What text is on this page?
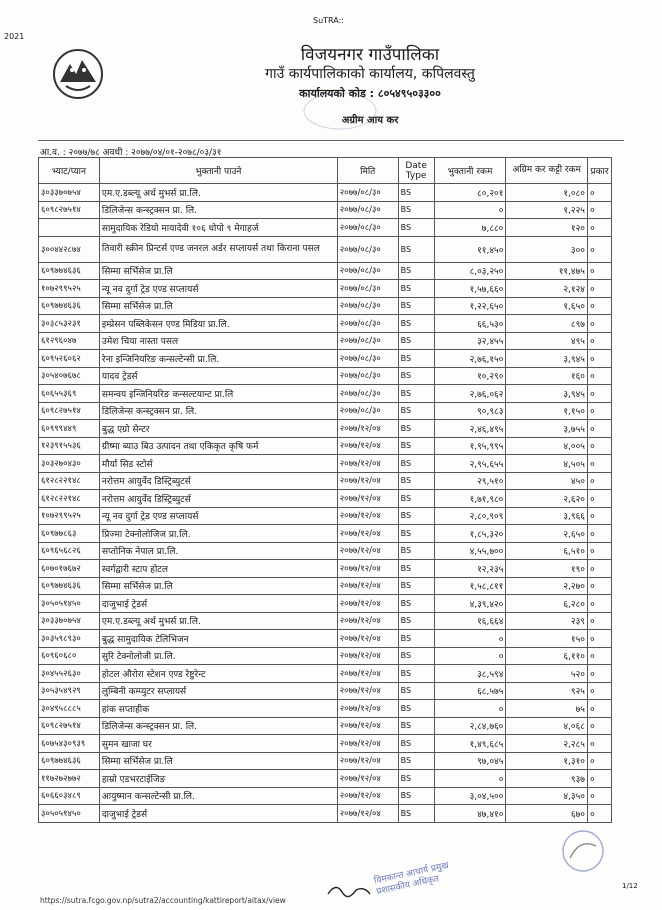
2021
SuTRA::
विजयनगर गाउँपालिका
गाउँ कार्यपालिकाको कार्यालय, कपिलवस्तु
कार्यालयको कोड : ८०५४९५०३३००
अग्रीम आय कर
आ.व. : २०७७/७८ अवधी : २०७७/०४/०१-२०७८/०३/३१
भ्याट/प्यान	भुक्तानी पाउने	मिति	Date Type	भुक्तानी रकम	अग्रिम कर कट्टी रकम	प्रकार
३०३३७०७५४	एम.ए.डब्ल्यू अर्थ मुभर्स प्रा.लि.	२०७७/०८/३०	BS	८०,२०१	१,०८०	०
६०९८२७५१४	डिलिजेन्स कन्स्ट्रक्सन प्रा. लि.	२०७७/०८/३०	BS	०	१,२२५	०
	सामुदायिक रेडियो मायादेवी १०६ धोपो ९ मेगाहर्ज	२०७७/०८/३०	BS	७,८८०	१२०	०
३००४४२८७४	तिवारी स्क्रीन प्रिन्टर्स एण्ड जनरल अर्डर सप्लायर्स तथा किराना पसल	२०७७/०८/३०	BS	११,४५०	३००	०
६०९७७४६३६	सिम्मा सर्भिसेज प्रा.लि	२०७७/०८/३०	BS	८,०३,२५०	११,४७५	०
१०७२९९५२५	न्यू नव दुर्गा ट्रेड एण्ड सप्लायर्स	२०७७/०८/३०	BS	१,५७,६६०	२,१२४	०
६०९७७४६३६	सिम्मा सर्भिसेज प्रा.लि	२०७७/०८/३०	BS	१,२२,६५०	१,६५०	०
३०३८५३२३१	इम्प्रेसन पब्लिकेसन एण्ड मिडिया प्रा.लि.	२०७७/०८/३०	BS	६६,५३०	८९७	०
६१२९६०४७	उमेश चिया नास्ता पसल	२०७७/०८/३०	BS	३२,४५५	४९५	०
६०९५२६०६२	रेना इन्जिनियरिङ कन्सल्टेन्सी प्रा.लि.	२०७७/०८/३०	BS	२,७६,१५०	३,९४५	०
३०५४०७६७८	यादव ट्रेडर्स	२०७७/०८/३०	BS	१०,२९०	१६०	०
६०६५५३६९	समन्वय इन्जिनियरिङ कन्सल्टयान्ट प्रा.लि	२०७७/०८/३०	BS	२,७६,०६२	३,९४५	०
६०९८२७५१४	डिलिजेन्स कन्स्ट्रक्सन प्रा. लि.	२०७७/०८/३०	BS	९०,९८३	१,१५०	०
६०९९९४४९	बुद्ध एग्रो सेन्टर	२०७७/१२/०४	BS	२,४६,४९५	३,७५५	०
१२३९१५५३६	ग्रीष्मा ब्याउ बिउ उत्पादन तथा एकिकृत कृषि फर्म	२०७७/१२/०४	BS	१,९५,९९५	४,००५	०
३०३२७०४३०	मौर्या सिड स्टोर्स	२०७७/१२/०४	BS	२,९५,६५५	४,५०५	०
६१२८२२१४८	नरोत्तम आयुर्वेद डिस्ट्रिब्युटर्स	२०७७/१२/०४	BS	२९,५१०	४५०	०
६१२८२२१४८	नरोत्तम आयुर्वेद डिस्ट्रिब्युटर्स	२०७७/१२/०४	BS	१,७१,९८०	२,६२०	०
१०७२९९५२५	न्यू नव दुर्गा ट्रेड एण्ड सप्लायर्स	२०७७/१२/०४	BS	२,८०,९०९	३,९६६	०
६०९७७८६३	प्रिज्मा टेक्नोलोजिज प्रा.लि.	२०७७/१२/०४	BS	१,८५,३२०	२,६५०	०
६०९६५६८२६	सप्तोनिक नेपाल प्रा.लि.	२०७७/१२/०४	BS	४,५५,७००	६,५१०	०
६०७०१७६७२	स्वर्गद्वारी स्टाप होटल	२०७७/१२/०४	BS	१२,२३५	१९०	०
६०९७७४६३६	सिम्मा सर्भिसेज प्रा.लि	२०७७/१२/०४	BS	१,५८,८११	२,२७०	०
३०५०५१४५०	दाजुभाई ट्रेडर्स	२०७७/१२/०४	BS	४,३९,४२०	६,२८०	०
३०३३७०७५४	एम.ए.डब्ल्यू अर्थ मुभर्स प्रा.लि.	२०७७/१२/०४	BS	१६,६६४	२३९	०
३०३५९८९३०	बुद्ध सामुदायिक टेलिभिजन	२०७७/१२/०४	BS	०	१५०	०
६०९६०६८०	सुरि टेक्नोलोजी प्रा.लि.	२०७७/१२/०४	BS	०	६,११०	०
३०४५५२६३०	होटल औरोरा स्टेशन एण्ड रेष्टुरेन्ट	२०७७/१२/०४	BS	३८,५९४	५२०	०
३०५३५४९२९	लुम्बिनी कम्प्युटर सप्लायर्स	२०७७/१२/०४	BS	६८,५७५	९२५	०
३०४९५८८८५	हांक सप्ताहीक	२०७७/१२/०४	BS	०	७५	०
६०९८२७५१४	डिलिजेन्स कन्स्ट्रक्सन प्रा. लि.	२०७७/१२/०४	BS	२,८४,७६०	४,०६८	०
६०७५४३०९३९	सुमन खाजा घर	२०७७/१२/०४	BS	१,४९,६८५	२,२८५	०
६०९७७४६३६	सिम्मा सर्भिसेज प्रा.लि	२०७७/१२/०४	BS	९७,०४५	१,३१०	०
११७२७२७७२	हाम्रो एडभरटाईजिङ	२०७७/१२/०४	BS	०	९३७	०
६०६६०३४८९	आयुष्मान कन्सल्टेन्सी प्रा.लि.	२०७७/१२/०४	BS	३,०४,५००	४,३५०	०
३०५०५१४५०	दाजुभाई ट्रेडर्स	२०७७/१२/०४	BS	४७,४१०	६७०	०
https://sutra.fcgo.gov.np/sutra2/accounting/kattireport/aitax/view
1/12
विमकान्त आचार्य प्रमुख प्रशासकीय अधिकृत
